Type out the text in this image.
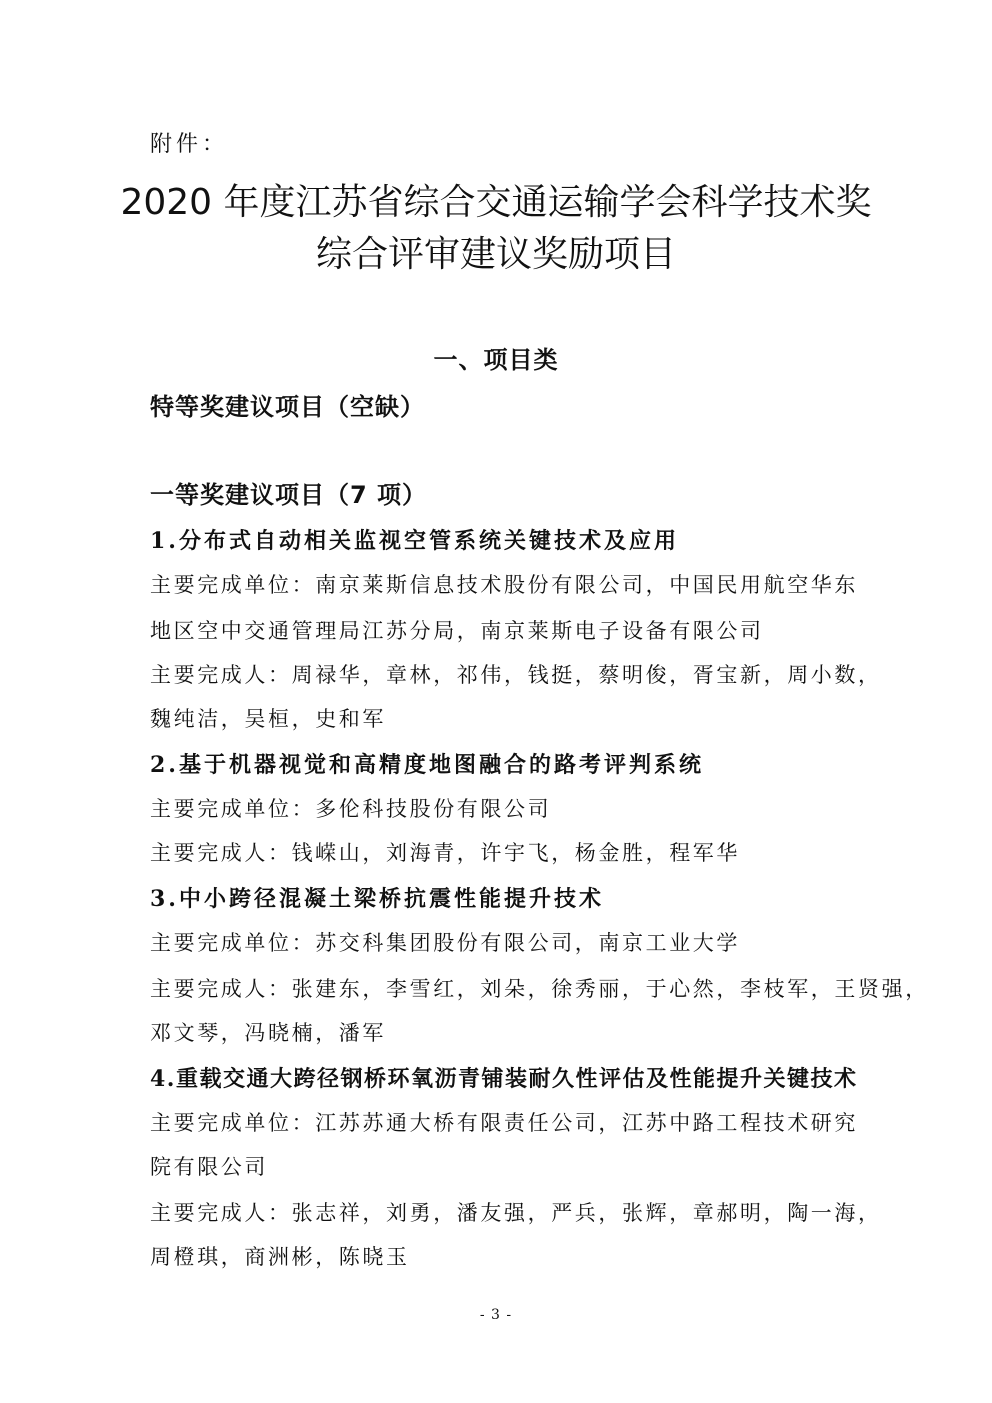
附件：
2020 年度江苏省综合交通运输学会科学技术奖
综合评审建议奖励项目
一、项目类
特等奖建议项目（空缺）
一等奖建议项目（7 项）
1.分布式自动相关监视空管系统关键技术及应用
主要完成单位：南京莱斯信息技术股份有限公司，中国民用航空华东
地区空中交通管理局江苏分局，南京莱斯电子设备有限公司
主要完成人：周禄华，章林，祁伟，钱挺，蔡明俊，胥宝新，周小数，
魏纯洁，吴桓，史和军
2.基于机器视觉和高精度地图融合的路考评判系统
主要完成单位：多伦科技股份有限公司
主要完成人：钱嵘山，刘海青，许宇飞，杨金胜，程军华
3.中小跨径混凝土梁桥抗震性能提升技术
主要完成单位：苏交科集团股份有限公司，南京工业大学
主要完成人：张建东，李雪红，刘朵，徐秀丽，于心然，李枝军，王贤强，
邓文琴，冯晓楠，潘军
4.重载交通大跨径钢桥环氧沥青铺装耐久性评估及性能提升关键技术
主要完成单位：江苏苏通大桥有限责任公司，江苏中路工程技术研究
院有限公司
主要完成人：张志祥，刘勇，潘友强，严兵，张辉，章郝明，陶一海，
周橙琪，商洲彬，陈晓玉
- 3 -
